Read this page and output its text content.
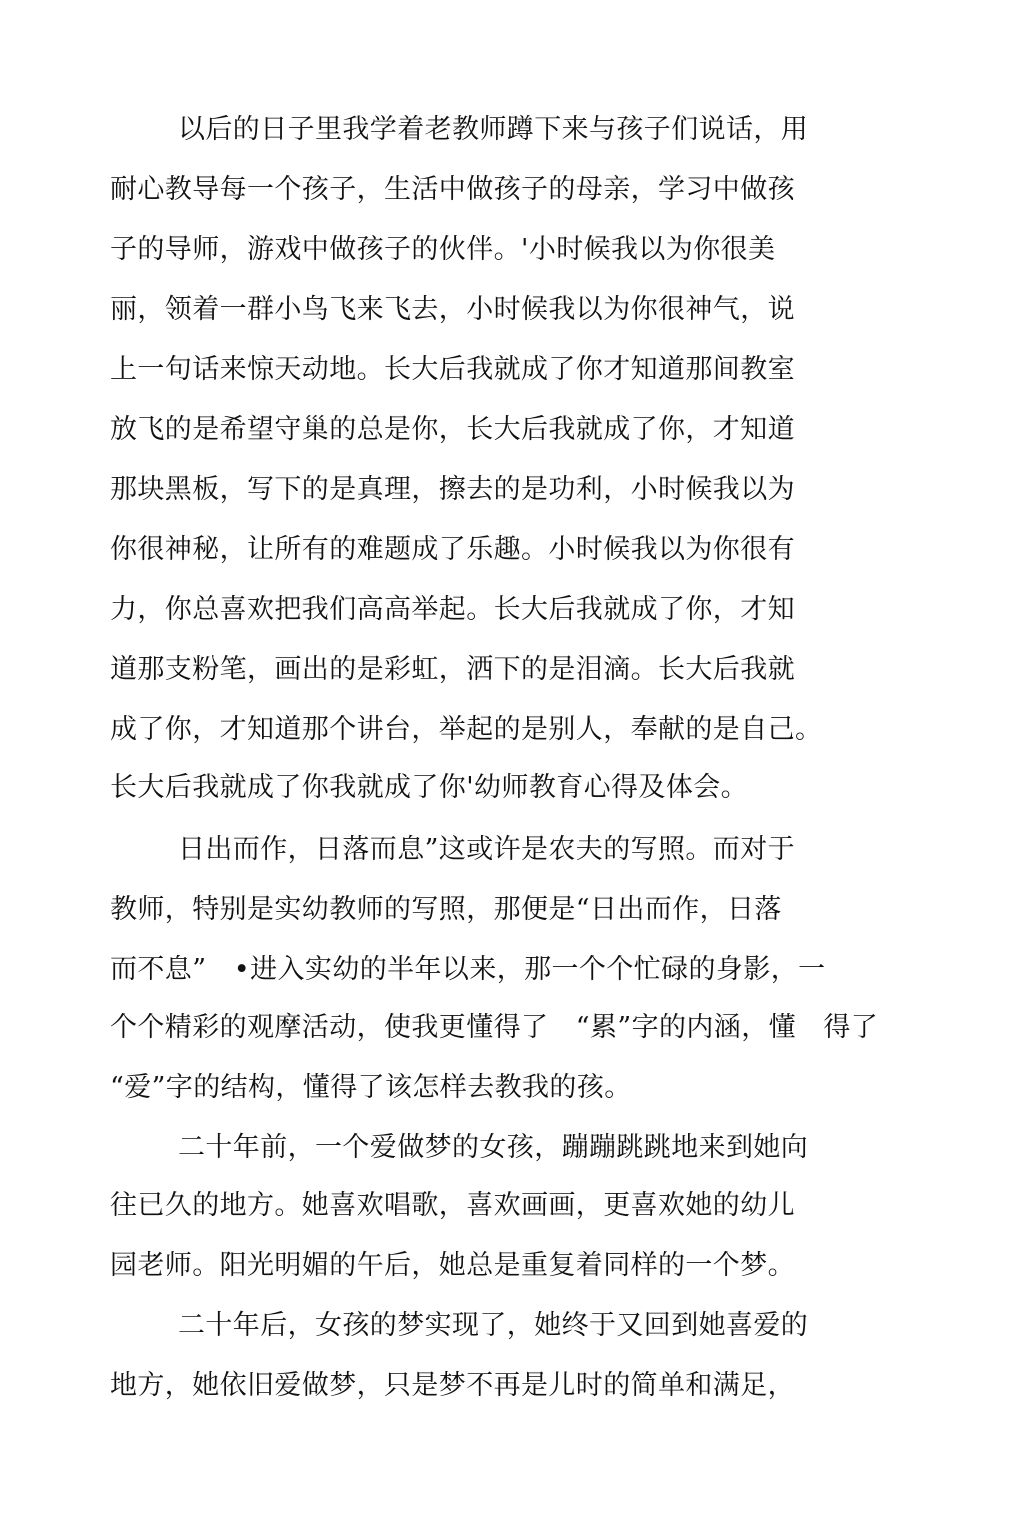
以后的日子里我学着老教师蹲下来与孩子们说话，用
耐心教导每一个孩子，生活中做孩子的母亲，学习中做孩
子的导师，游戏中做孩子的伙伴。'小时候我以为你很美
丽，领着一群小鸟飞来飞去，小时候我以为你很神气，说
上一句话来惊天动地。长大后我就成了你才知道那间教室
放飞的是希望守巢的总是你，长大后我就成了你，才知道
那块黑板，写下的是真理，擦去的是功利，小时候我以为
你很神秘，让所有的难题成了乐趣。小时候我以为你很有
力，你总喜欢把我们高高举起。长大后我就成了你，才知
道那支粉笔，画出的是彩虹，洒下的是泪滴。长大后我就
成了你，才知道那个讲台，举起的是别人，奉献的是自己。
长大后我就成了你我就成了你'幼师教育心得及体会。
日出而作，日落而息”这或许是农夫的写照。而对于
教师，特别是实幼教师的写照，那便是“日出而作，日落
而不息”　•进入实幼的半年以来，那一个个忙碌的身影，一
个个精彩的观摩活动，使我更懂得了　“累”字的内涵，懂　得了
“爱”字的结构，懂得了该怎样去教我的孩。
二十年前，一个爱做梦的女孩，蹦蹦跳跳地来到她向
往已久的地方。她喜欢唱歌，喜欢画画，更喜欢她的幼儿
园老师。阳光明媚的午后，她总是重复着同样的一个梦。
二十年后，女孩的梦实现了，她终于又回到她喜爱的
地方，她依旧爱做梦，只是梦不再是儿时的简单和满足，
